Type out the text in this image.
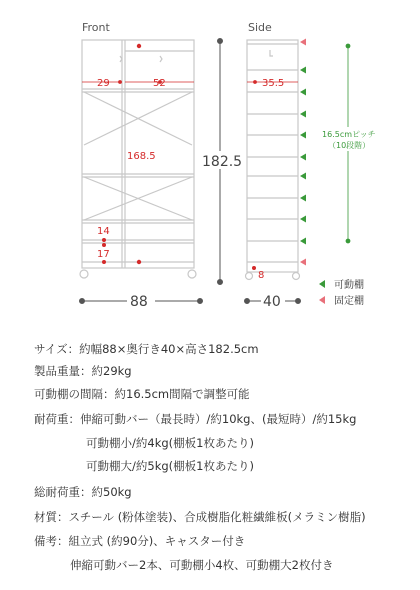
Front
29	52
168.5
14
17
182.5
88
Side
35.5
8
16.5cmピッチ
（10段階）
40
可動棚
固定棚
サイズ：約幅88×奥行き40×高さ182.5cm
製品重量：約29kg
可動棚の間隔：約16.5cm間隔で調整可能
耐荷重：伸縮可動バー（最長時）/約10kg、(最短時）/約15kg
可動棚小/約4kg(棚板1枚あたり)
可動棚大/約5kg(棚板1枚あたり)
総耐荷重：約50kg
材質：スチール (粉体塗装)、合成樹脂化粧繊維板(メラミン樹脂)
備考：組立式 (約90分)、キャスター付き
伸縮可動バー2本、可動棚小4枚、可動棚大2枚付き
